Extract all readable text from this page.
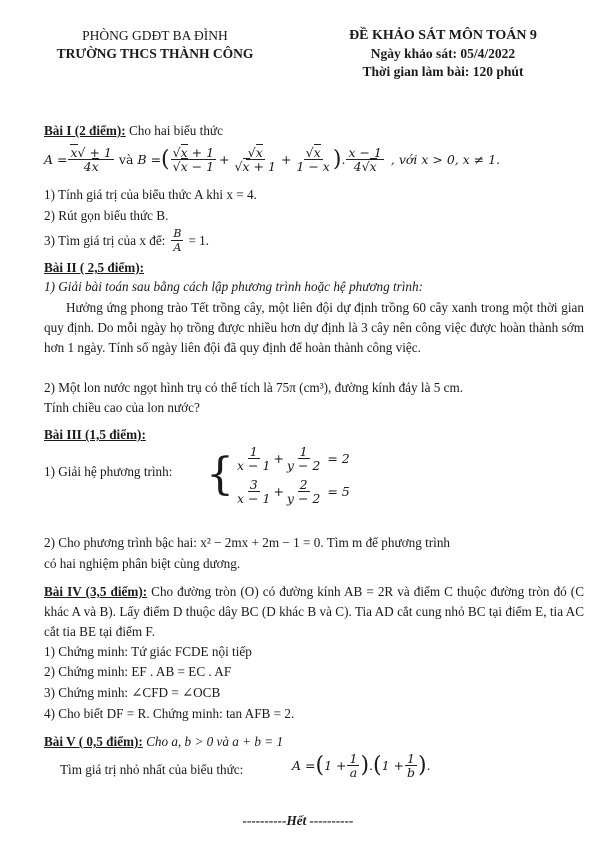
PHÒNG GDĐT BA ĐÌNH
TRƯỜNG THCS THÀNH CÔNG
ĐỀ KHẢO SÁT MÔN TOÁN 9
Ngày khảo sát: 05/4/2022
Thời gian làm bài: 120 phút
Bài I (2 điểm): Cho hai biểu thức
$A = \frac{x√ + 1}{4x}$ và B = ( $\frac{√x + 1}{√x - 1} + \frac{√x}{√x + 1} + \frac{√x}{1 - x}$ ) . $\frac{x - 1}{4√x}$ , với x > 0, x ≠ 1.
1) Tính giá trị của biểu thức A khi x = 4.
2) Rút gọn biểu thức B.
3) Tìm giá trị của x để: $\frac{B}{A} = 1$.
Bài II ( 2,5 điểm):
1) Giải bài toán sau bằng cách lập phương trình hoặc hệ phương trình:
Hưởng ứng phong trào Tết trồng cây, một liên đội dự định trồng 60 cây xanh trong một thời gian quy định. Do mỗi ngày họ trồng được nhiều hơn dự định là 3 cây nên công việc được hoàn thành sớm hơn 1 ngày. Tính số ngày liên đội đã quy định để hoàn thành công việc.
2) Một lon nước ngọt hình trụ có thể tích là 75π (cm³), đường kính đáy là 5 cm.
Tính chiều cao của lon nước?
Bài III (1,5 điểm):
1) Giải hệ phương trình: { $\frac{1}{x - 1} + \frac{1}{y - 2} = 2$
$\frac{3}{x - 1} + \frac{2}{y - 2} = 5$
2) Cho phương trình bậc hai: x² − 2mx + 2m − 1 = 0. Tìm m để phương trình
có hai nghiệm phân biệt cùng dương.
Bài IV (3,5 điểm): Cho đường tròn (O) có đường kính AB = 2R và điểm C thuộc đường tròn đó (C khác A và B). Lấy điểm D thuộc dây BC (D khác B và C). Tia AD cắt cung nhỏ BC tại điểm E, tia AC cắt tia BE tại điểm F.
1) Chứng minh: Tứ giác FCDE nội tiếp
2) Chứng minh: EF . AB = EC . AF
3) Chứng minh: ∠CFD = ∠OCB
4) Cho biết DF = R. Chứng minh: tan AFB = 2.
Bài V ( 0,5 điểm): Cho a, b > 0 và a + b = 1
Tìm giá trị nhỏ nhất của biểu thức:	A = ( $1 + \frac{1}{a}$ ) . ( $1 + \frac{1}{b}$ ) .
----------Hết ----------
